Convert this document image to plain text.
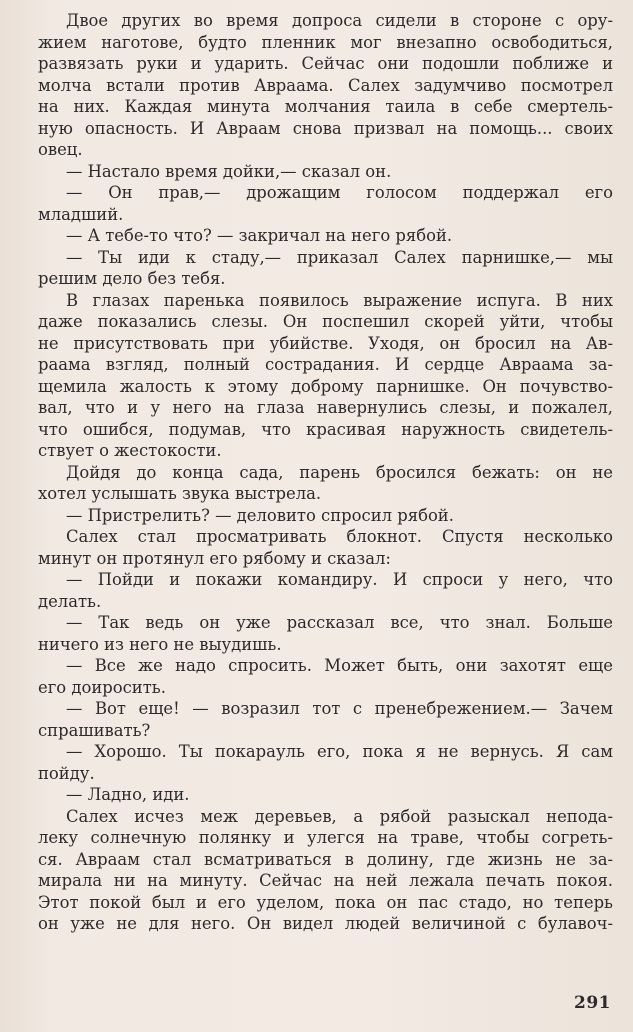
Двое других во время допроса сидели в стороне с ору-
жием наготове, будто пленник мог внезапно освободиться,
развязать руки и ударить. Сейчас они подошли поближе и
молча встали против Авраама. Салех задумчиво посмотрел
на них. Каждая минута молчания таила в себе смертель-
ную опасность. И Авраам снова призвал на помощь... своих
овец.
— Настало время дойки,— сказал он.
— Он прав,— дрожащим голосом поддержал его
младший.
— А тебе-то что? — закричал на него рябой.
— Ты иди к стаду,— приказал Салех парнишке,— мы
решим дело без тебя.
В глазах паренька появилось выражение испуга. В них
даже показались слезы. Он поспешил скорей уйти, чтобы
не присутствовать при убийстве. Уходя, он бросил на Ав-
раама взгляд, полный сострадания. И сердце Авраама за-
щемила жалость к этому доброму парнишке. Он почувство-
вал, что и у него на глаза навернулись слезы, и пожалел,
что ошибся, подумав, что красивая наружность свидетель-
ствует о жестокости.
Дойдя до конца сада, парень бросился бежать: он не
хотел услышать звука выстрела.
— Пристрелить? — деловито спросил рябой.
Салех стал просматривать блокнот. Спустя несколько
минут он протянул его рябому и сказал:
— Пойди и покажи командиру. И спроси у него, что
делать.
— Так ведь он уже рассказал все, что знал. Больше
ничего из него не выудишь.
— Все же надо спросить. Может быть, они захотят еще
его доиросить.
— Вот еще! — возразил тот с пренебрежением.— Зачем
спрашивать?
— Хорошо. Ты покарауль его, пока я не вернусь. Я сам
пойду.
— Ладно, иди.
Салех исчез меж деревьев, а рябой разыскал непода-
леку солнечную полянку и улегся на траве, чтобы согреть-
ся. Авраам стал всматриваться в долину, где жизнь не за-
мирала ни на минуту. Сейчас на ней лежала печать покоя.
Этот покой был и его уделом, пока он пас стадо, но теперь
он уже не для него. Он видел людей величиной с булавоч-
291
